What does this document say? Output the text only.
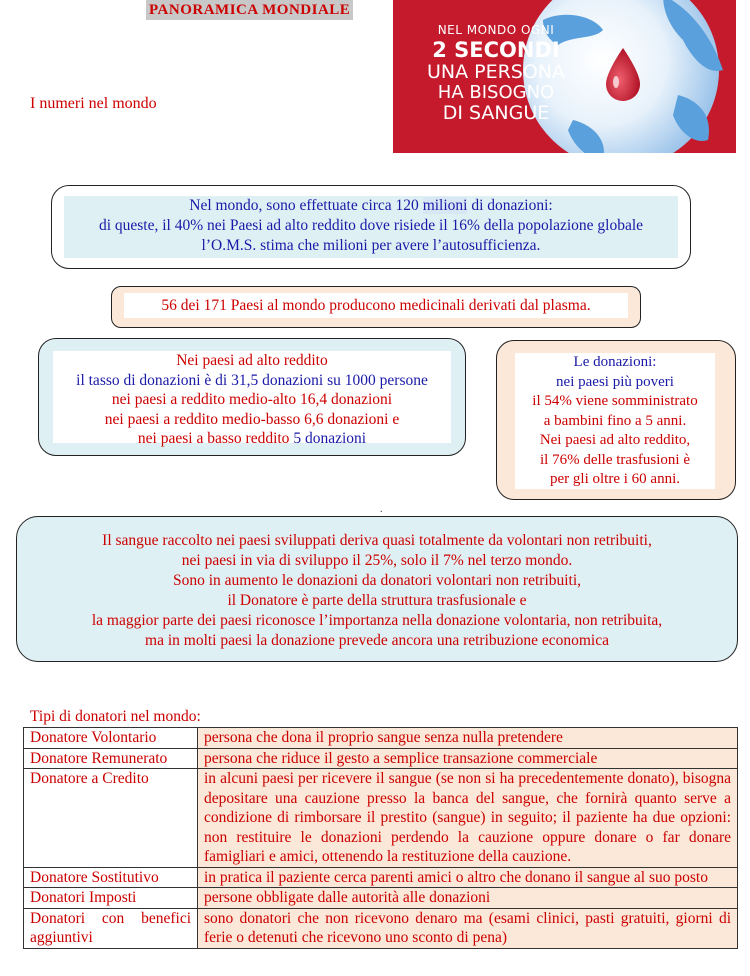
PANORAMICA MONDIALE
I numeri nel mondo
NEL MONDO OGNI
2 SECONDI
UNA PERSONA
HA BISOGNO
DI SANGUE
Nel mondo, sono effettuate circa 120 milioni di donazioni:
di queste, il 40% nei Paesi ad alto reddito dove risiede il 16% della popolazione globale
l’O.M.S. stima che milioni per avere l’autosufficienza.
56 dei 171 Paesi al mondo producono medicinali derivati dal plasma.
Nei paesi ad alto reddito
il tasso di donazioni è di 31,5 donazioni su 1000 persone
nei paesi a reddito medio-alto 16,4 donazioni
nei paesi a reddito medio-basso 6,6 donazioni e
nei paesi a basso reddito 5 donazioni
Le donazioni:
nei paesi più poveri
il 54% viene somministrato
a bambini fino a 5 anni.
Nei paesi ad alto reddito,
il 76% delle trasfusioni è
per gli oltre i 60 anni.
.
Il sangue raccolto nei paesi sviluppati deriva quasi totalmente da volontari non retribuiti,
nei paesi in via di sviluppo il 25%, solo il 7% nel terzo mondo.
Sono in aumento le donazioni da donatori volontari non retribuiti,
il Donatore è parte della struttura trasfusionale e
la maggior parte dei paesi riconosce l’importanza nella donazione volontaria, non retribuita,
ma in molti paesi la donazione prevede ancora una retribuzione economica
Tipi di donatori nel mondo:
Donatore Volontario	persona che dona il proprio sangue senza nulla pretendere
Donatore Remunerato	persona che riduce il gesto a semplice transazione commerciale
Donatore a Credito	in alcuni paesi per ricevere il sangue (se non si ha precedentemente donato), bisogna depositare una cauzione presso la banca del sangue, che fornirà quanto serve a condizione di rimborsare il prestito (sangue) in seguito; il paziente ha due opzioni: non restituire le donazioni perdendo la cauzione oppure donare o far donare famigliari e amici, ottenendo la restituzione della cauzione.
Donatore Sostitutivo	in pratica il paziente cerca parenti amici o altro che donano il sangue al suo posto
Donatori Imposti	persone obbligate dalle autorità alle donazioni
Donatori con benefici aggiuntivi	sono donatori che non ricevono denaro ma (esami clinici, pasti gratuiti, giorni di ferie o detenuti che ricevono uno sconto di pena)
